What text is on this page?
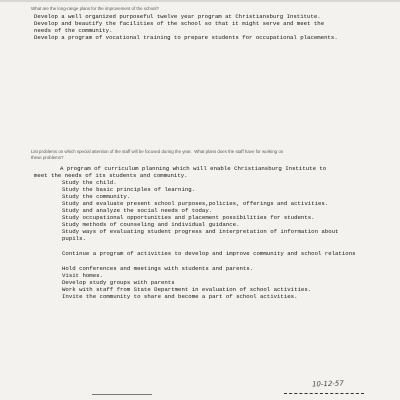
What are the long-range plans for the improvement of the school?
Develop a well organized purposeful twelve year program at Christiansburg Institute.
Develop and beautify the facilities of the school so that it might serve and meet the
needs of the community.
Develop a program of vocational training to prepare students for occupational placements.
List problems on which special attention of the staff will be focused during the year.  What plans does the staff have for working on
these problems?
A program of curriculum planning which will enable Christiansburg Institute to
meet the needs of its students and community.
Study the child.
Study the basic principles of learning.
Study the community.
Study and evaluate present school purposes,policies, offerings and activities.
Study and analyze the social needs of today.
Study occupational opportunities and placement possibilities for students.
Study methods of counseling and individual guidance.
Study ways of evaluating student progress and interpretation of information about
pupils.
Continue a program of activities to develop and improve community and school relations
Hold conferences and meetings with students and parents.
Visit homes.
Develop study groups with parents
Work with staff from State Department in evaluation of school activities.
Invite the community to share and become a part of school activities.
10-12-57
